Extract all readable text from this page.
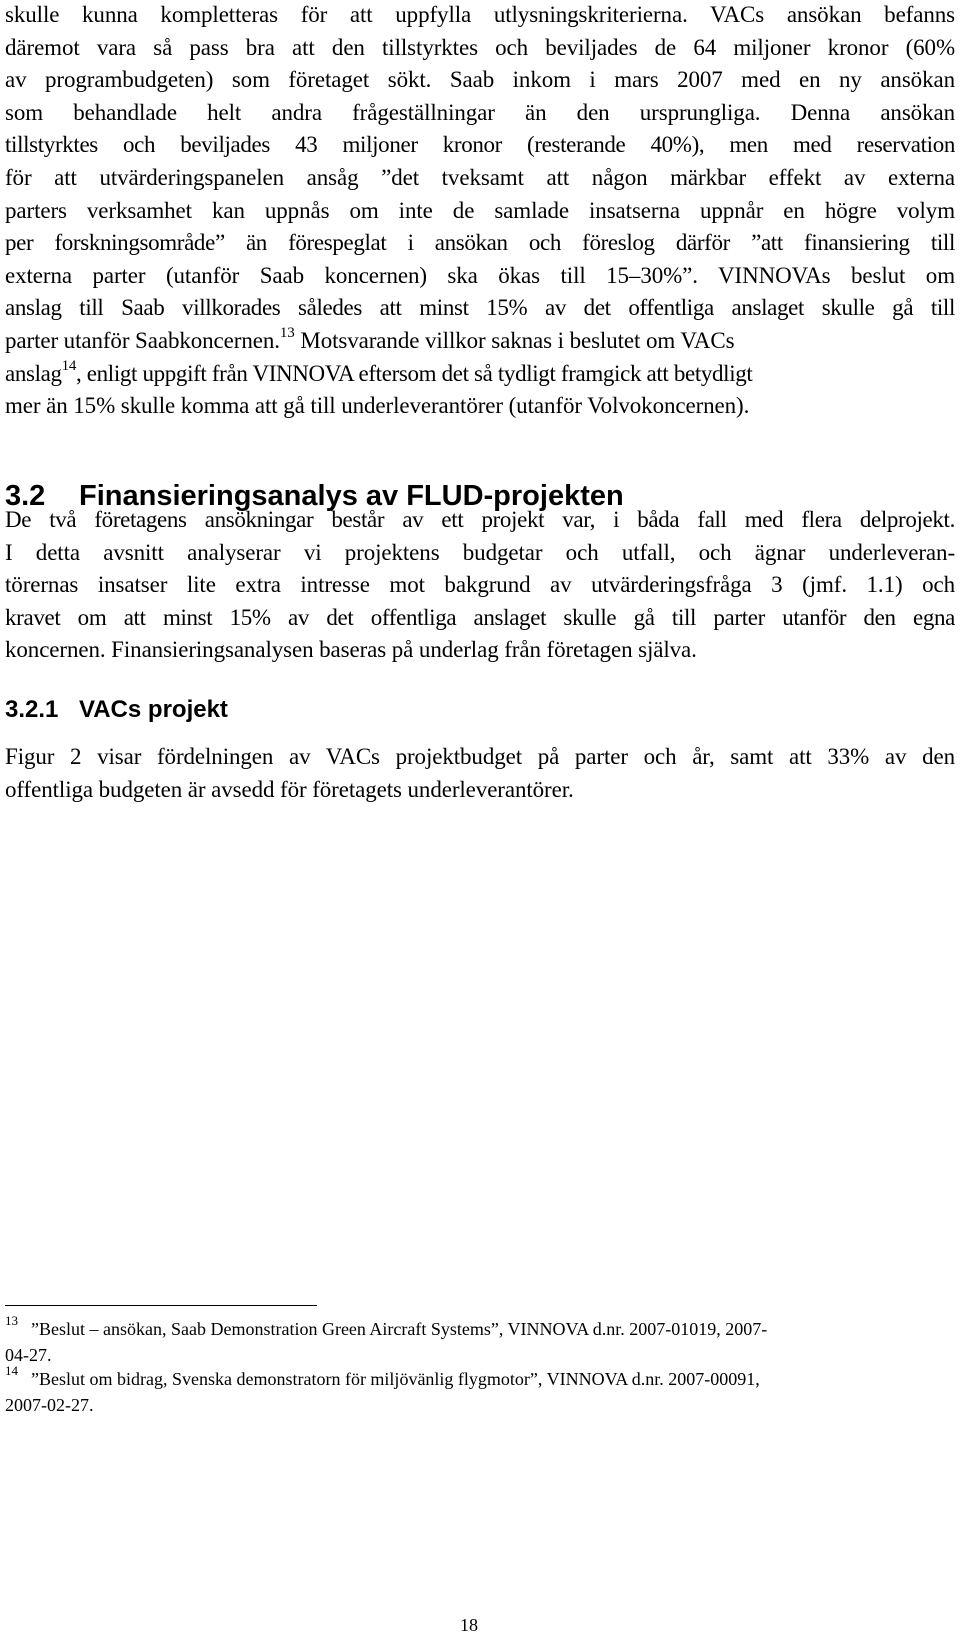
skulle kunna kompletteras för att uppfylla utlysningskriterierna. VACs ansökan befanns
däremot vara så pass bra att den tillstyrktes och beviljades de 64 miljoner kronor (60%
av programbudgeten) som företaget sökt. Saab inkom i mars 2007 med en ny ansökan
som behandlade helt andra frågeställningar än den ursprungliga. Denna ansökan
tillstyrktes och beviljades 43 miljoner kronor (resterande 40%), men med reservation
för att utvärderingspanelen ansåg ”det tveksamt att någon märkbar effekt av externa
parters verksamhet kan uppnås om inte de samlade insatserna uppnår en högre volym
per forskningsområde” än förespeglat i ansökan och föreslog därför ”att finansiering till
externa parter (utanför Saab koncernen) ska ökas till 15–30%”. VINNOVAs beslut om
anslag till Saab villkorades således att minst 15% av det offentliga anslaget skulle gå till
parter utanför Saabkoncernen.$^{13}$ Motsvarande villkor saknas i beslutet om VACs
anslag$^{14}$, enligt uppgift från VINNOVA eftersom det så tydligt framgick att betydligt
mer än 15% skulle komma att gå till underleverantörer (utanför Volvokoncernen).
3.2 Finansieringsanalys av FLUD-projekten
De två företagens ansökningar består av ett projekt var, i båda fall med flera delprojekt.
I detta avsnitt analyserar vi projektens budgetar och utfall, och ägnar underleveran-
törernas insatser lite extra intresse mot bakgrund av utvärderingsfråga 3 (jmf. 1.1) och
kravet om att minst 15% av det offentliga anslaget skulle gå till parter utanför den egna
koncernen. Finansieringsanalysen baseras på underlag från företagen själva.
3.2.1 VACs projekt
Figur 2 visar fördelningen av VACs projektbudget på parter och år, samt att 33% av den
offentliga budgeten är avsedd för företagets underleverantörer.
$^{13}$ ”Beslut – ansökan, Saab Demonstration Green Aircraft Systems”, VINNOVA d.nr. 2007-01019, 2007-
04-27.
$^{14}$ ”Beslut om bidrag, Svenska demonstratorn för miljövänlig flygmotor”, VINNOVA d.nr. 2007-00091,
2007-02-27.
18
